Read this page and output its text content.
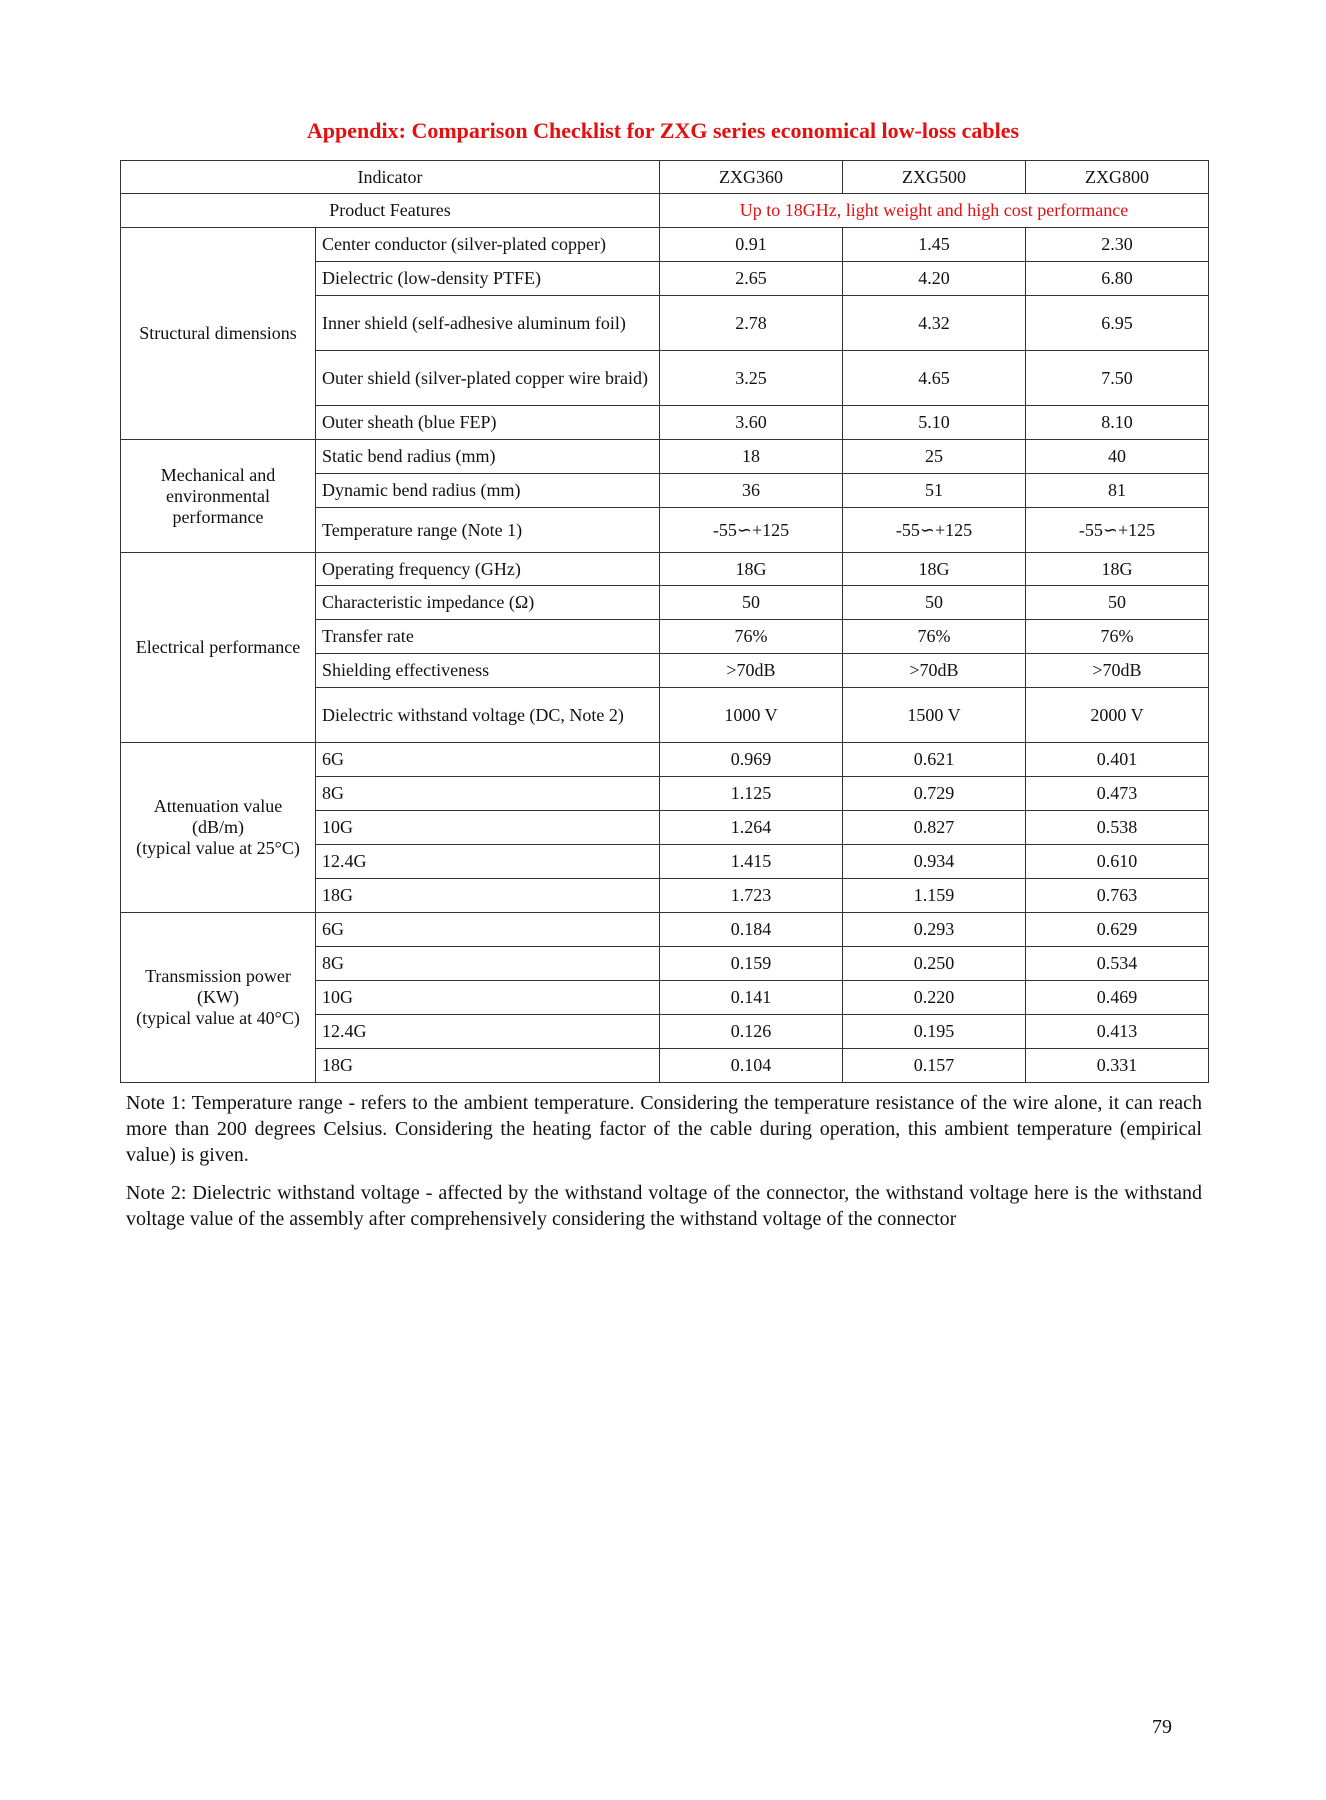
Appendix: Comparison Checklist for ZXG series economical low-loss cables
Indicator		ZXG360	ZXG500	ZXG800
Product Features		Up to 18GHz, light weight and high cost performance		
Structural dimensions	Center conductor (silver-plated copper)	0.91	1.45	2.30
	Dielectric (low-density PTFE)	2.65	4.20	6.80
	Inner shield (self-adhesive aluminum foil)	2.78	4.32	6.95
	Outer shield (silver-plated copper wire braid)	3.25	4.65	7.50
	Outer sheath (blue FEP)	3.60	5.10	8.10
Mechanical and environmental performance	Static bend radius (mm)	18	25	40
	Dynamic bend radius (mm)	36	51	81
	Temperature range (Note 1)	-55∽+125	-55∽+125	-55∽+125
Electrical performance	Operating frequency (GHz)	18G	18G	18G
	Characteristic impedance (Ω)	50	50	50
	Transfer rate	76%	76%	76%
	Shielding effectiveness	>70dB	>70dB	>70dB
	Dielectric withstand voltage (DC, Note 2)	1000 V	1500 V	2000 V

Attenuation value
(dB/m)
(typical value at 25°C)	6G	0.969	0.621	0.401
	8G	1.125	0.729	0.473
	10G	1.264	0.827	0.538
	12.4G	1.415	0.934	0.610
	18G	1.723	1.159	0.763

Transmission power
(KW)
(typical value at 40°C)	6G	0.184	0.293	0.629
	8G	0.159	0.250	0.534
	10G	0.141	0.220	0.469
	12.4G	0.126	0.195	0.413
	18G	0.104	0.157	0.331
Note 1: Temperature range - refers to the ambient temperature. Considering the temperature resistance of the wire alone, it can reach more than 200 degrees Celsius. Considering the heating factor of the cable during operation, this ambient temperature (empirical value) is given.
Note 2: Dielectric withstand voltage - affected by the withstand voltage of the connector, the withstand voltage here is the withstand voltage value of the assembly after comprehensively considering the withstand voltage of the connector
79
